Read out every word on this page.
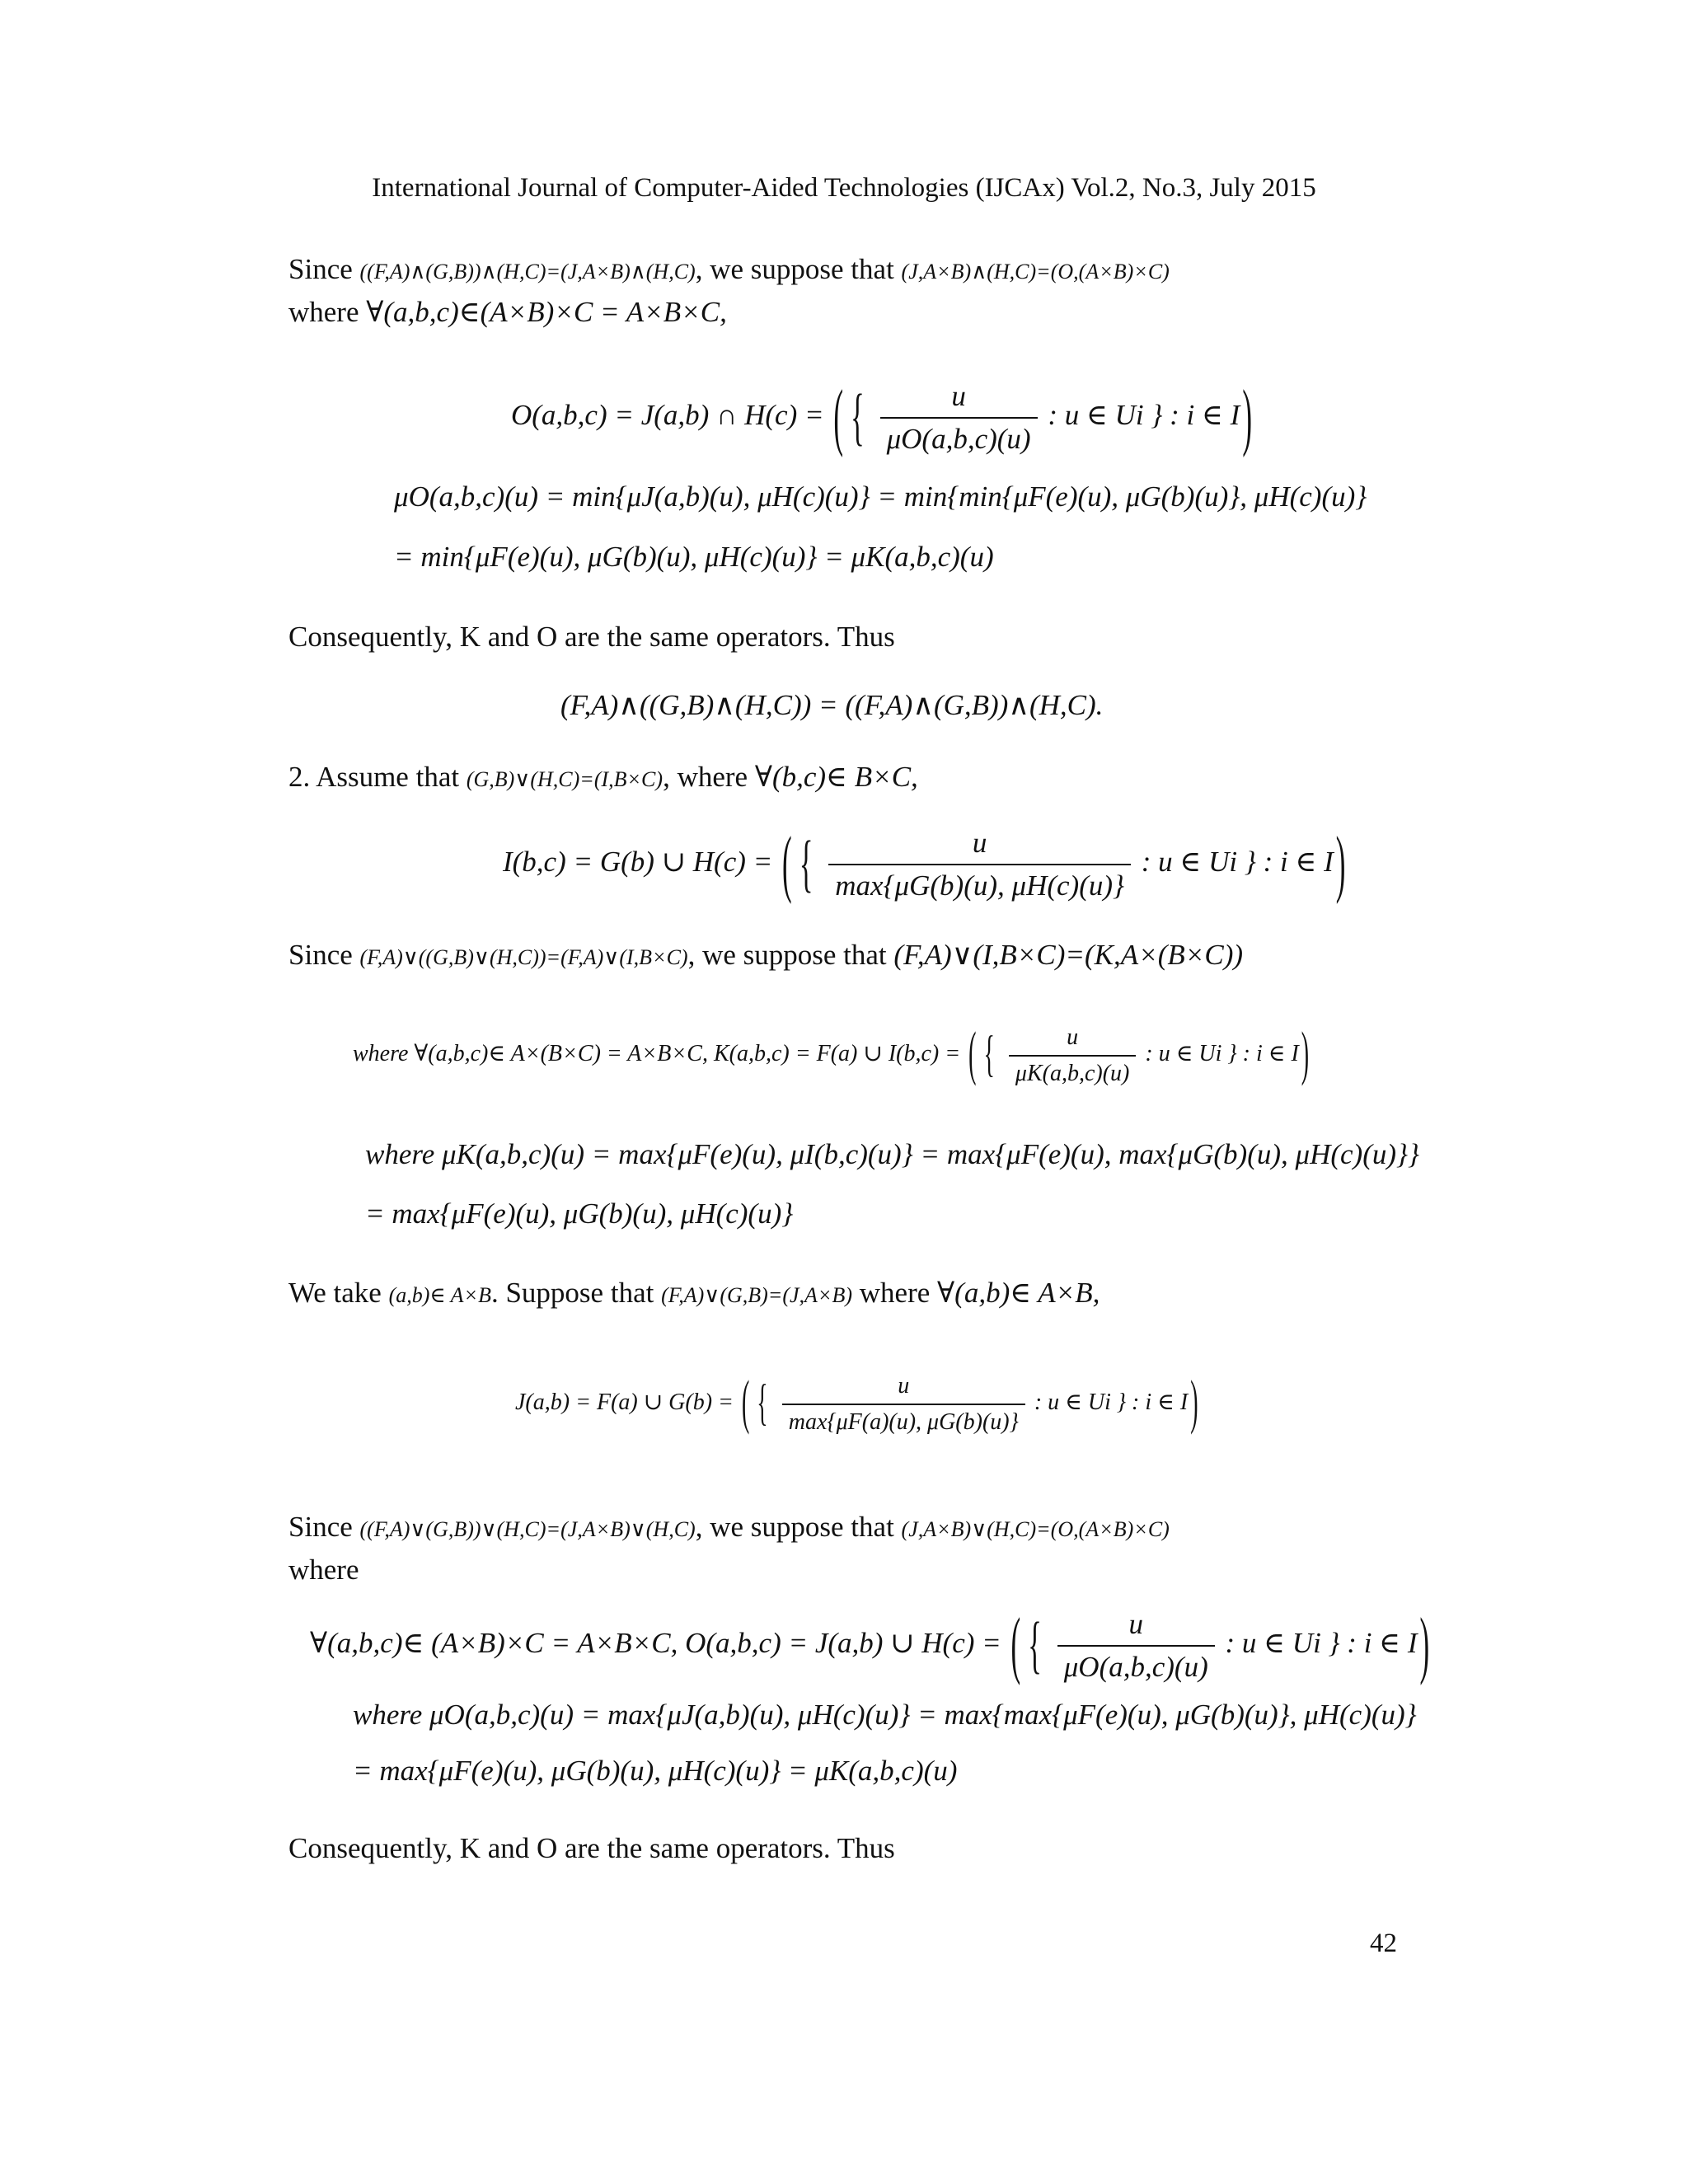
International Journal of Computer-Aided Technologies (IJCAx) Vol.2, No.3, July 2015
Since ((F,A)∧(G,B))∧(H,C)=(J,A×B)∧(H,C), we suppose that (J,A×B)∧(H,C)=(O,(A×B)×C)
where ∀(a,b,c)∈(A×B)×C = A×B×C,
O(a,b,c) = J(a,b) ∩ H(c) = ( { $\frac{u}{\mu O(a,b,c)(u)}$ : u ∈ Ui } : i ∈ I)
μO(a,b,c)(u) = min{μJ(a,b)(u), μH(c)(u)} = min{min{μF(e)(u), μG(b)(u)}, μH(c)(u)}
= min{μF(e)(u), μG(b)(u), μH(c)(u)} = μK(a,b,c)(u)
Consequently, K and O are the same operators. Thus
(F,A)∧((G,B)∧(H,C)) = ((F,A)∧(G,B))∧(H,C).
2. Assume that (G,B)∨(H,C)=(I,B×C), where ∀(b,c)∈ B×C,
I(b,c) = G(b) ∪ H(c) = ( { $\frac{u}{\max\{\mu G(b)(u), \mu H(c)(u)\}}$ : u ∈ Ui } : i ∈ I)
Since (F,A)∨((G,B)∨(H,C))=(F,A)∨(I,B×C), we suppose that (F,A)∨(I,B×C)=(K,A×(B×C))
where ∀(a,b,c)∈ A×(B×C) = A×B×C, K(a,b,c) = F(a) ∪ I(b,c) = ( { $\frac{u}{\mu K(a,b,c)(u)}$ : u ∈ Ui } : i ∈ I )
where μK(a,b,c)(u) = max{μF(e)(u), μI(b,c)(u)} = max{μF(e)(u), max{μG(b)(u), μH(c)(u)}}
= max{μF(e)(u), μG(b)(u), μH(c)(u)}
We take (a,b)∈ A×B. Suppose that (F,A)∨(G,B)=(J,A×B) where ∀(a,b)∈ A×B,
J(a,b) = F(a) ∪ G(b) = ( { $\frac{u}{\max\{\mu F(a)(u), \mu G(b)(u)\}}$ : u ∈ Ui } : i ∈ I )
Since ((F,A)∨(G,B))∨(H,C)=(J,A×B)∨(H,C), we suppose that (J,A×B)∨(H,C)=(O,(A×B)×C)
where
∀(a,b,c)∈ (A×B)×C = A×B×C, O(a,b,c) = J(a,b) ∪ H(c) = ( { $\frac{u}{\mu O(a,b,c)(u)}$ : u ∈ Ui } : i ∈ I)
where μO(a,b,c)(u) = max{μJ(a,b)(u), μH(c)(u)} = max{max{μF(e)(u), μG(b)(u)}, μH(c)(u)}
= max{μF(e)(u), μG(b)(u), μH(c)(u)} = μK(a,b,c)(u)
Consequently, K and O are the same operators. Thus
42
